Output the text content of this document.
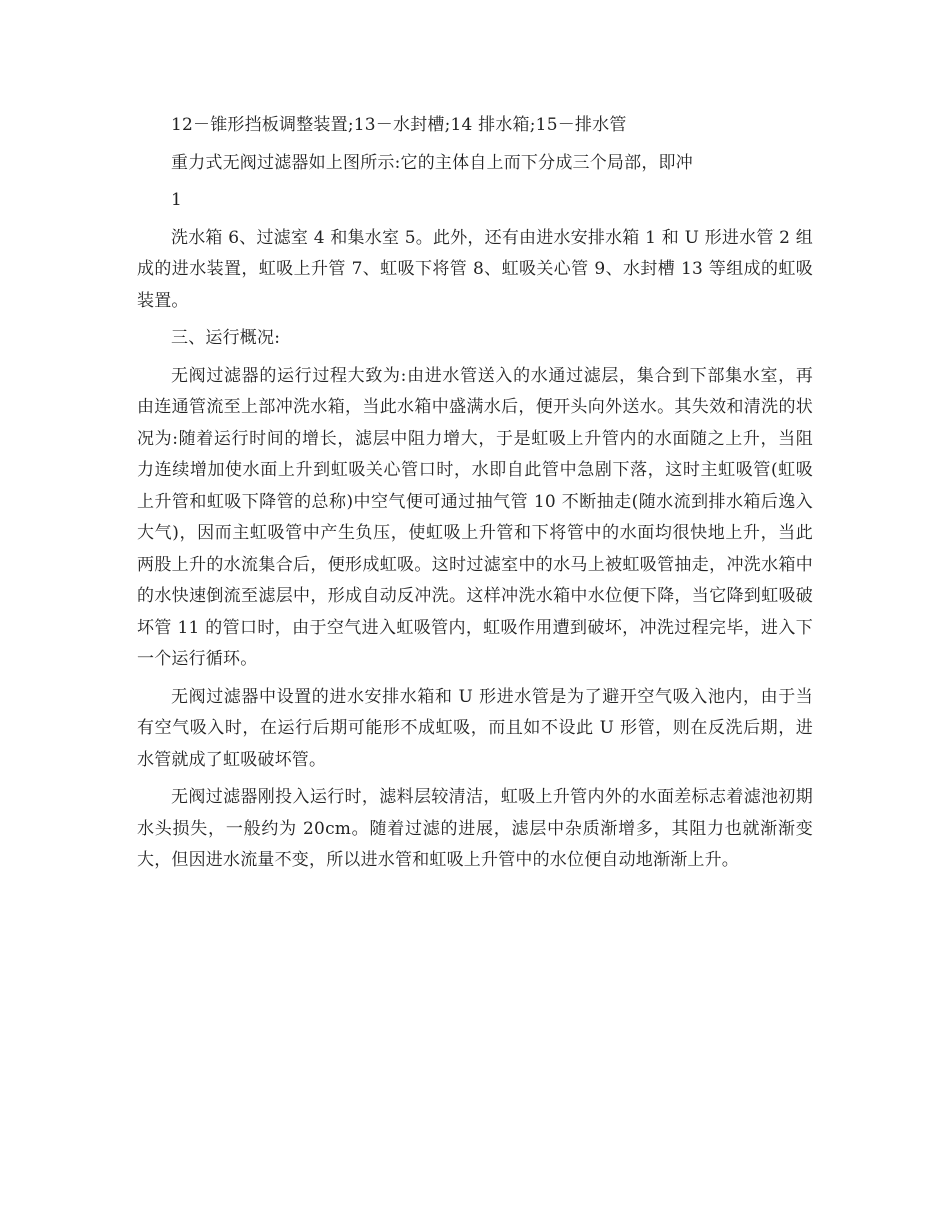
12－锥形挡板调整装置;13－水封槽;14 排水箱;15－排水管

重力式无阀过滤器如上图所示:它的主体自上而下分成三个局部，即冲

1

洗水箱 6、过滤室 4 和集水室 5。此外，还有由进水安排水箱 1 和 U 形进水管 2 组成的进水装置，虹吸上升管 7、虹吸下将管 8、虹吸关心管 9、水封槽 13 等组成的虹吸装置。

三、运行概况:

无阀过滤器的运行过程大致为:由进水管送入的水通过滤层，集合到下部集水室，再由连通管流至上部冲洗水箱，当此水箱中盛满水后，便开头向外送水。其失效和清洗的状况为:随着运行时间的增长，滤层中阻力增大，于是虹吸上升管内的水面随之上升，当阻力连续增加使水面上升到虹吸关心管口时，水即自此管中急剧下落，这时主虹吸管(虹吸上升管和虹吸下降管的总称)中空气便可通过抽气管 10 不断抽走(随水流到排水箱后逸入大气)，因而主虹吸管中产生负压，使虹吸上升管和下将管中的水面均很快地上升，当此两股上升的水流集合后，便形成虹吸。这时过滤室中的水马上被虹吸管抽走，冲洗水箱中的水快速倒流至滤层中，形成自动反冲洗。这样冲洗水箱中水位便下降，当它降到虹吸破坏管 11 的管口时，由于空气进入虹吸管内，虹吸作用遭到破坏，冲洗过程完毕，进入下一个运行循环。

无阀过滤器中设置的进水安排水箱和 U 形进水管是为了避开空气吸入池内，由于当有空气吸入时，在运行后期可能形不成虹吸，而且如不设此 U 形管，则在反洗后期，进水管就成了虹吸破坏管。

无阀过滤器刚投入运行时，滤料层较清洁，虹吸上升管内外的水面差标志着滤池初期水头损失，一般约为 20cm。随着过滤的进展，滤层中杂质渐增多，其阻力也就渐渐变大，但因进水流量不变，所以进水管和虹吸上升管中的水位便自动地渐渐上升。
